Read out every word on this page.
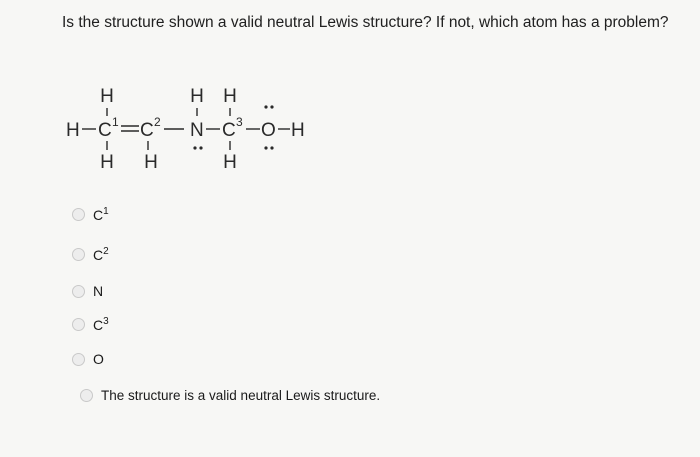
Is the structure shown a valid neutral Lewis structure? If not, which atom has a problem?
H	H H
H C 1 C 2 N C 3 O H
H H	H
$C^1$
$C^2$
N
$C^3$
O
The structure is a valid neutral Lewis structure.
